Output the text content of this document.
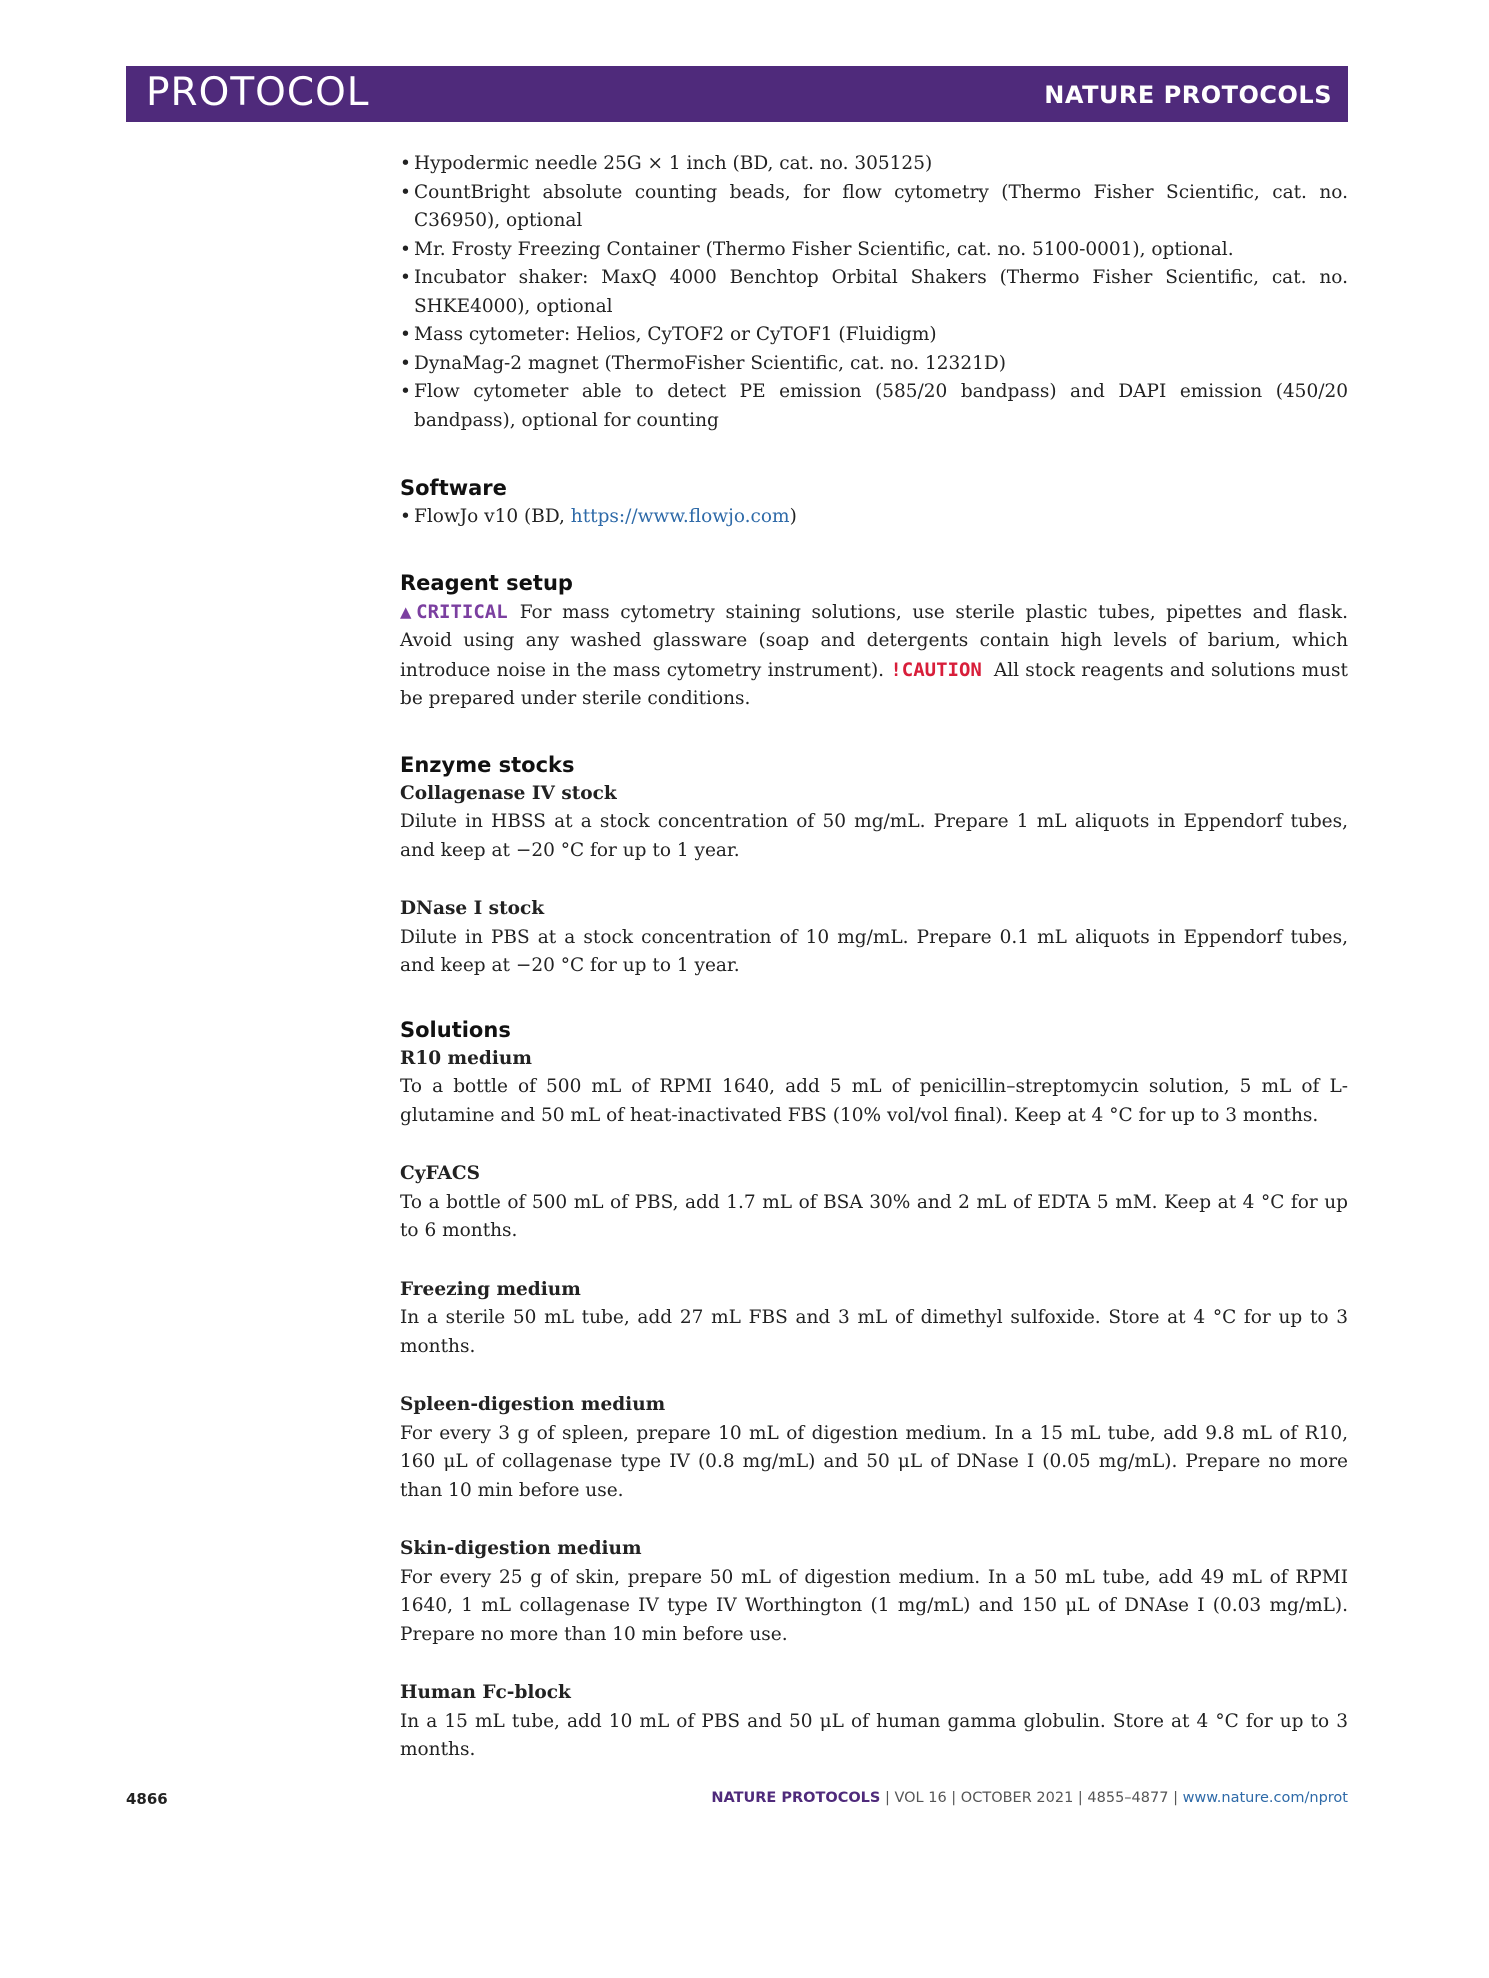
PROTOCOL	NATURE PROTOCOLS
• Hypodermic needle 25G × 1 inch (BD, cat. no. 305125)
• CountBright absolute counting beads, for flow cytometry (Thermo Fisher Scientific, cat. no. C36950), optional
• Mr. Frosty Freezing Container (Thermo Fisher Scientific, cat. no. 5100-0001), optional.
• Incubator shaker: MaxQ 4000 Benchtop Orbital Shakers (Thermo Fisher Scientific, cat. no. SHKE4000), optional
• Mass cytometer: Helios, CyTOF2 or CyTOF1 (Fluidigm)
• DynaMag-2 magnet (ThermoFisher Scientific, cat. no. 12321D)
• Flow cytometer able to detect PE emission (585/20 bandpass) and DAPI emission (450/20 bandpass), optional for counting
Software
• FlowJo v10 (BD, https://www.flowjo.com)
Reagent setup

▲CRITICAL For mass cytometry staining solutions, use sterile plastic tubes, pipettes and flask. Avoid using any washed glassware (soap and detergents contain high levels of barium, which introduce noise in the mass cytometry instrument). !CAUTION All stock reagents and solutions must be prepared under sterile conditions.

Enzyme stocks

Collagenase IV stock

Dilute in HBSS at a stock concentration of 50 mg/mL. Prepare 1 mL aliquots in Eppendorf tubes, and keep at −20 °C for up to 1 year.

DNase I stock

Dilute in PBS at a stock concentration of 10 mg/mL. Prepare 0.1 mL aliquots in Eppendorf tubes, and keep at −20 °C for up to 1 year.

Solutions

R10 medium

To a bottle of 500 mL of RPMI 1640, add 5 mL of penicillin–streptomycin solution, 5 mL of L-glutamine and 50 mL of heat-inactivated FBS (10% vol/vol final). Keep at 4 °C for up to 3 months.

CyFACS

To a bottle of 500 mL of PBS, add 1.7 mL of BSA 30% and 2 mL of EDTA 5 mM. Keep at 4 °C for up to 6 months.

Freezing medium

In a sterile 50 mL tube, add 27 mL FBS and 3 mL of dimethyl sulfoxide. Store at 4 °C for up to 3 months.

Spleen-digestion medium

For every 3 g of spleen, prepare 10 mL of digestion medium. In a 15 mL tube, add 9.8 mL of R10, 160 μL of collagenase type IV (0.8 mg/mL) and 50 μL of DNase I (0.05 mg/mL). Prepare no more than 10 min before use.

Skin-digestion medium

For every 25 g of skin, prepare 50 mL of digestion medium. In a 50 mL tube, add 49 mL of RPMI 1640, 1 mL collagenase IV type IV Worthington (1 mg/mL) and 150 μL of DNAse I (0.03 mg/mL). Prepare no more than 10 min before use.

Human Fc-block

In a 15 mL tube, add 10 mL of PBS and 50 μL of human gamma globulin. Store at 4 °C for up to 3 months.

4866	NATURE PROTOCOLS | VOL 16 | OCTOBER 2021 | 4855–4877 | www.nature.com/nprot
